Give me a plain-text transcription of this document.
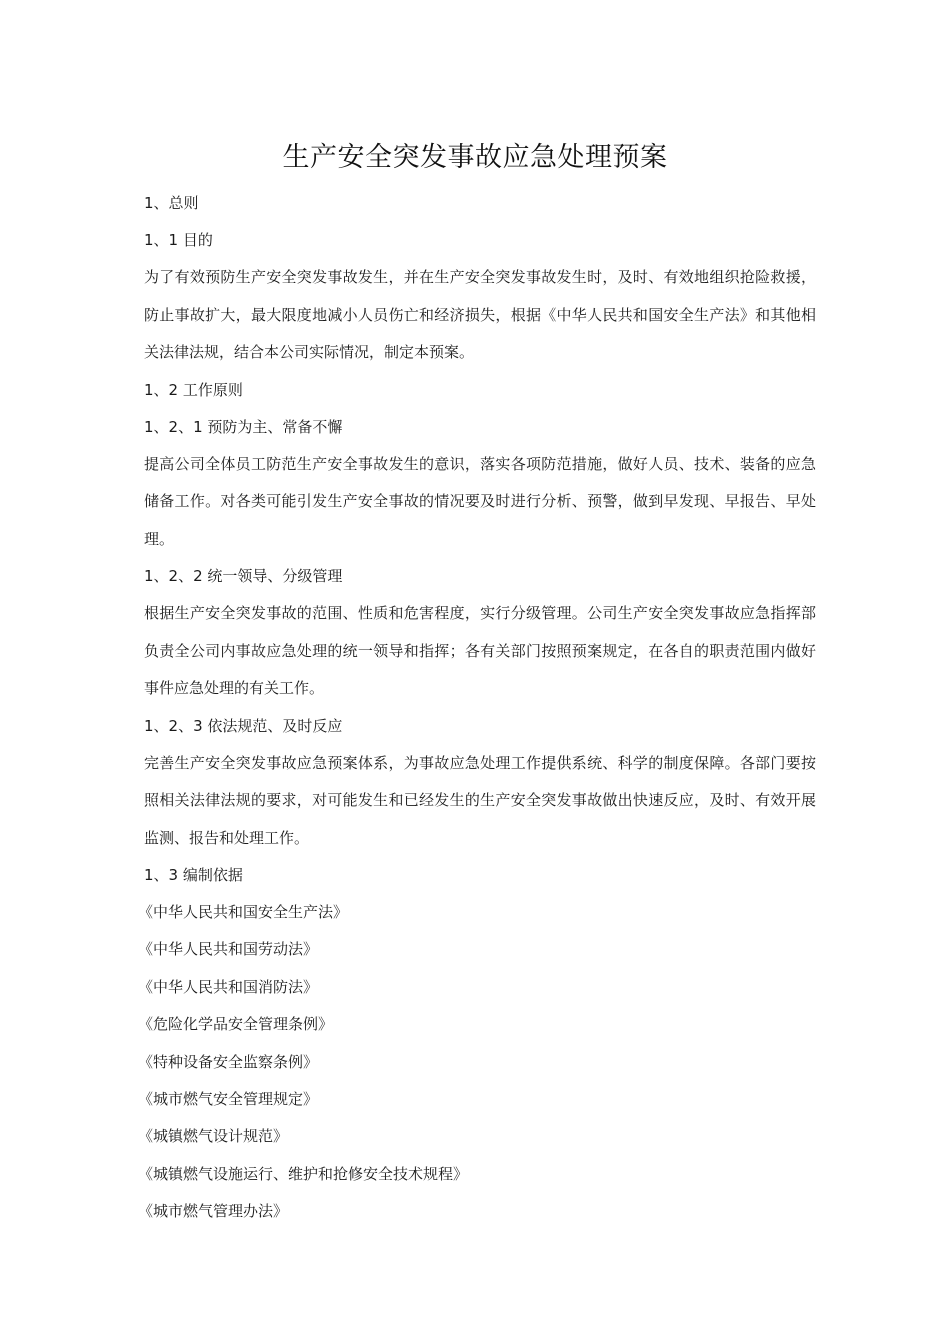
生产安全突发事故应急处理预案

1、总则

1、1 目的

为了有效预防生产安全突发事故发生，并在生产安全突发事故发生时，及时、有效地组织抢险救援，防止事故扩大，最大限度地减小人员伤亡和经济损失，根据《中华人民共和国安全生产法》和其他相关法律法规，结合本公司实际情况，制定本预案。

1、2 工作原则

1、2、1 预防为主、常备不懈

提高公司全体员工防范生产安全事故发生的意识，落实各项防范措施，做好人员、技术、装备的应急储备工作。对各类可能引发生产安全事故的情况要及时进行分析、预警，做到早发现、早报告、早处理。

1、2、2 统一领导、分级管理

根据生产安全突发事故的范围、性质和危害程度，实行分级管理。公司生产安全突发事故应急指挥部负责全公司内事故应急处理的统一领导和指挥；各有关部门按照预案规定，在各自的职责范围内做好事件应急处理的有关工作。

1、2、3 依法规范、及时反应

完善生产安全突发事故应急预案体系，为事故应急处理工作提供系统、科学的制度保障。各部门要按照相关法律法规的要求，对可能发生和已经发生的生产安全突发事故做出快速反应，及时、有效开展监测、报告和处理工作。

1、3 编制依据

《中华人民共和国安全生产法》

《中华人民共和国劳动法》

《中华人民共和国消防法》

《危险化学品安全管理条例》

《特种设备安全监察条例》

《城市燃气安全管理规定》

《城镇燃气设计规范》

《城镇燃气设施运行、维护和抢修安全技术规程》

《城市燃气管理办法》
